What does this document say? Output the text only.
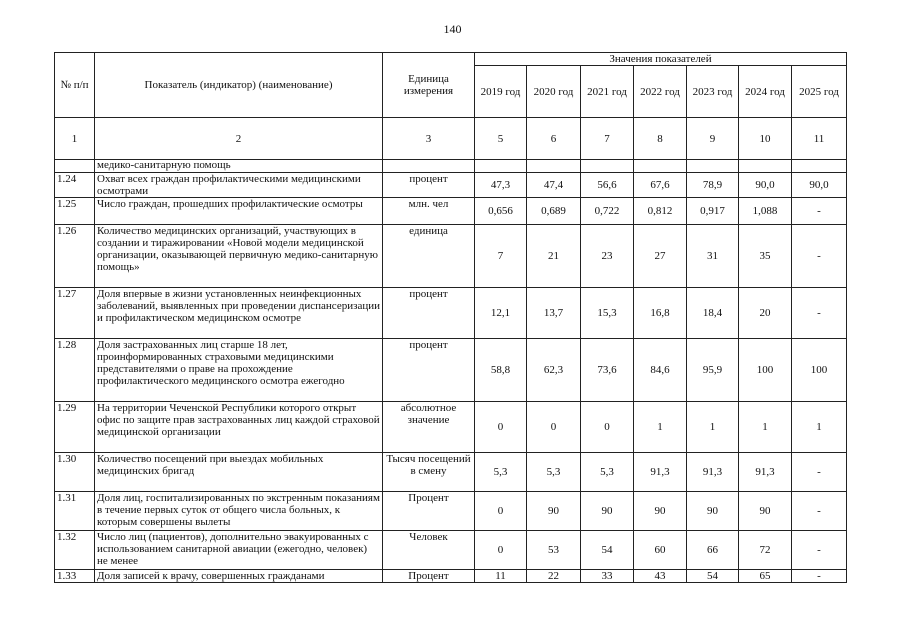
140
№ п/п	Показатель (индикатор) (наименование)	Единица измерения	Значения показателей						
			2019 год	2020 год	2021 год	2022 год	2023 год	2024 год	2025 год
1	2	3	5	6	7	8	9	10	11
	медико-санитарную помощь								
1.24	Охват всех граждан профилактическими медицинскими осмотрами	процент	47,3	47,4	56,6	67,6	78,9	90,0	90,0
1.25	Число граждан, прошедших профилактические осмотры	млн. чел	0,656	0,689	0,722	0,812	0,917	1,088	-
1.26	Количество медицинских организаций, участвующих в создании и тиражировании «Новой модели медицинской организации, оказывающей первичную медико-санитарную помощь»	единица	7	21	23	27	31	35	-
1.27	Доля впервые в жизни установленных неинфекционных заболеваний, выявленных при проведении диспансеризации и профилактическом медицинском осмотре	процент	12,1	13,7	15,3	16,8	18,4	20	-
1.28	Доля застрахованных лиц старше 18 лет, проинформированных страховыми медицинскими представителями о праве на прохождение профилактического медицинского осмотра ежегодно	процент	58,8	62,3	73,6	84,6	95,9	100	100
1.29	На территории Чеченской Республики которого открыт офис по защите прав застрахованных лиц каждой страховой медицинской организации	абсолютное значение	0	0	0	1	1	1	1
1.30	Количество посещений при выездах мобильных медицинских бригад	Тысяч посещений в смену	5,3	5,3	5,3	91,3	91,3	91,3	-
1.31	Доля лиц, госпитализированных по экстренным показаниям в течение первых суток от общего числа больных, к которым совершены вылеты	Процент	0	90	90	90	90	90	-
1.32	Число лиц (пациентов), дополнительно эвакуированных с использованием санитарной авиации (ежегодно, человек) не менее	Человек	0	53	54	60	66	72	-
1.33	Доля записей к врачу, совершенных гражданами	Процент	11	22	33	43	54	65	-
